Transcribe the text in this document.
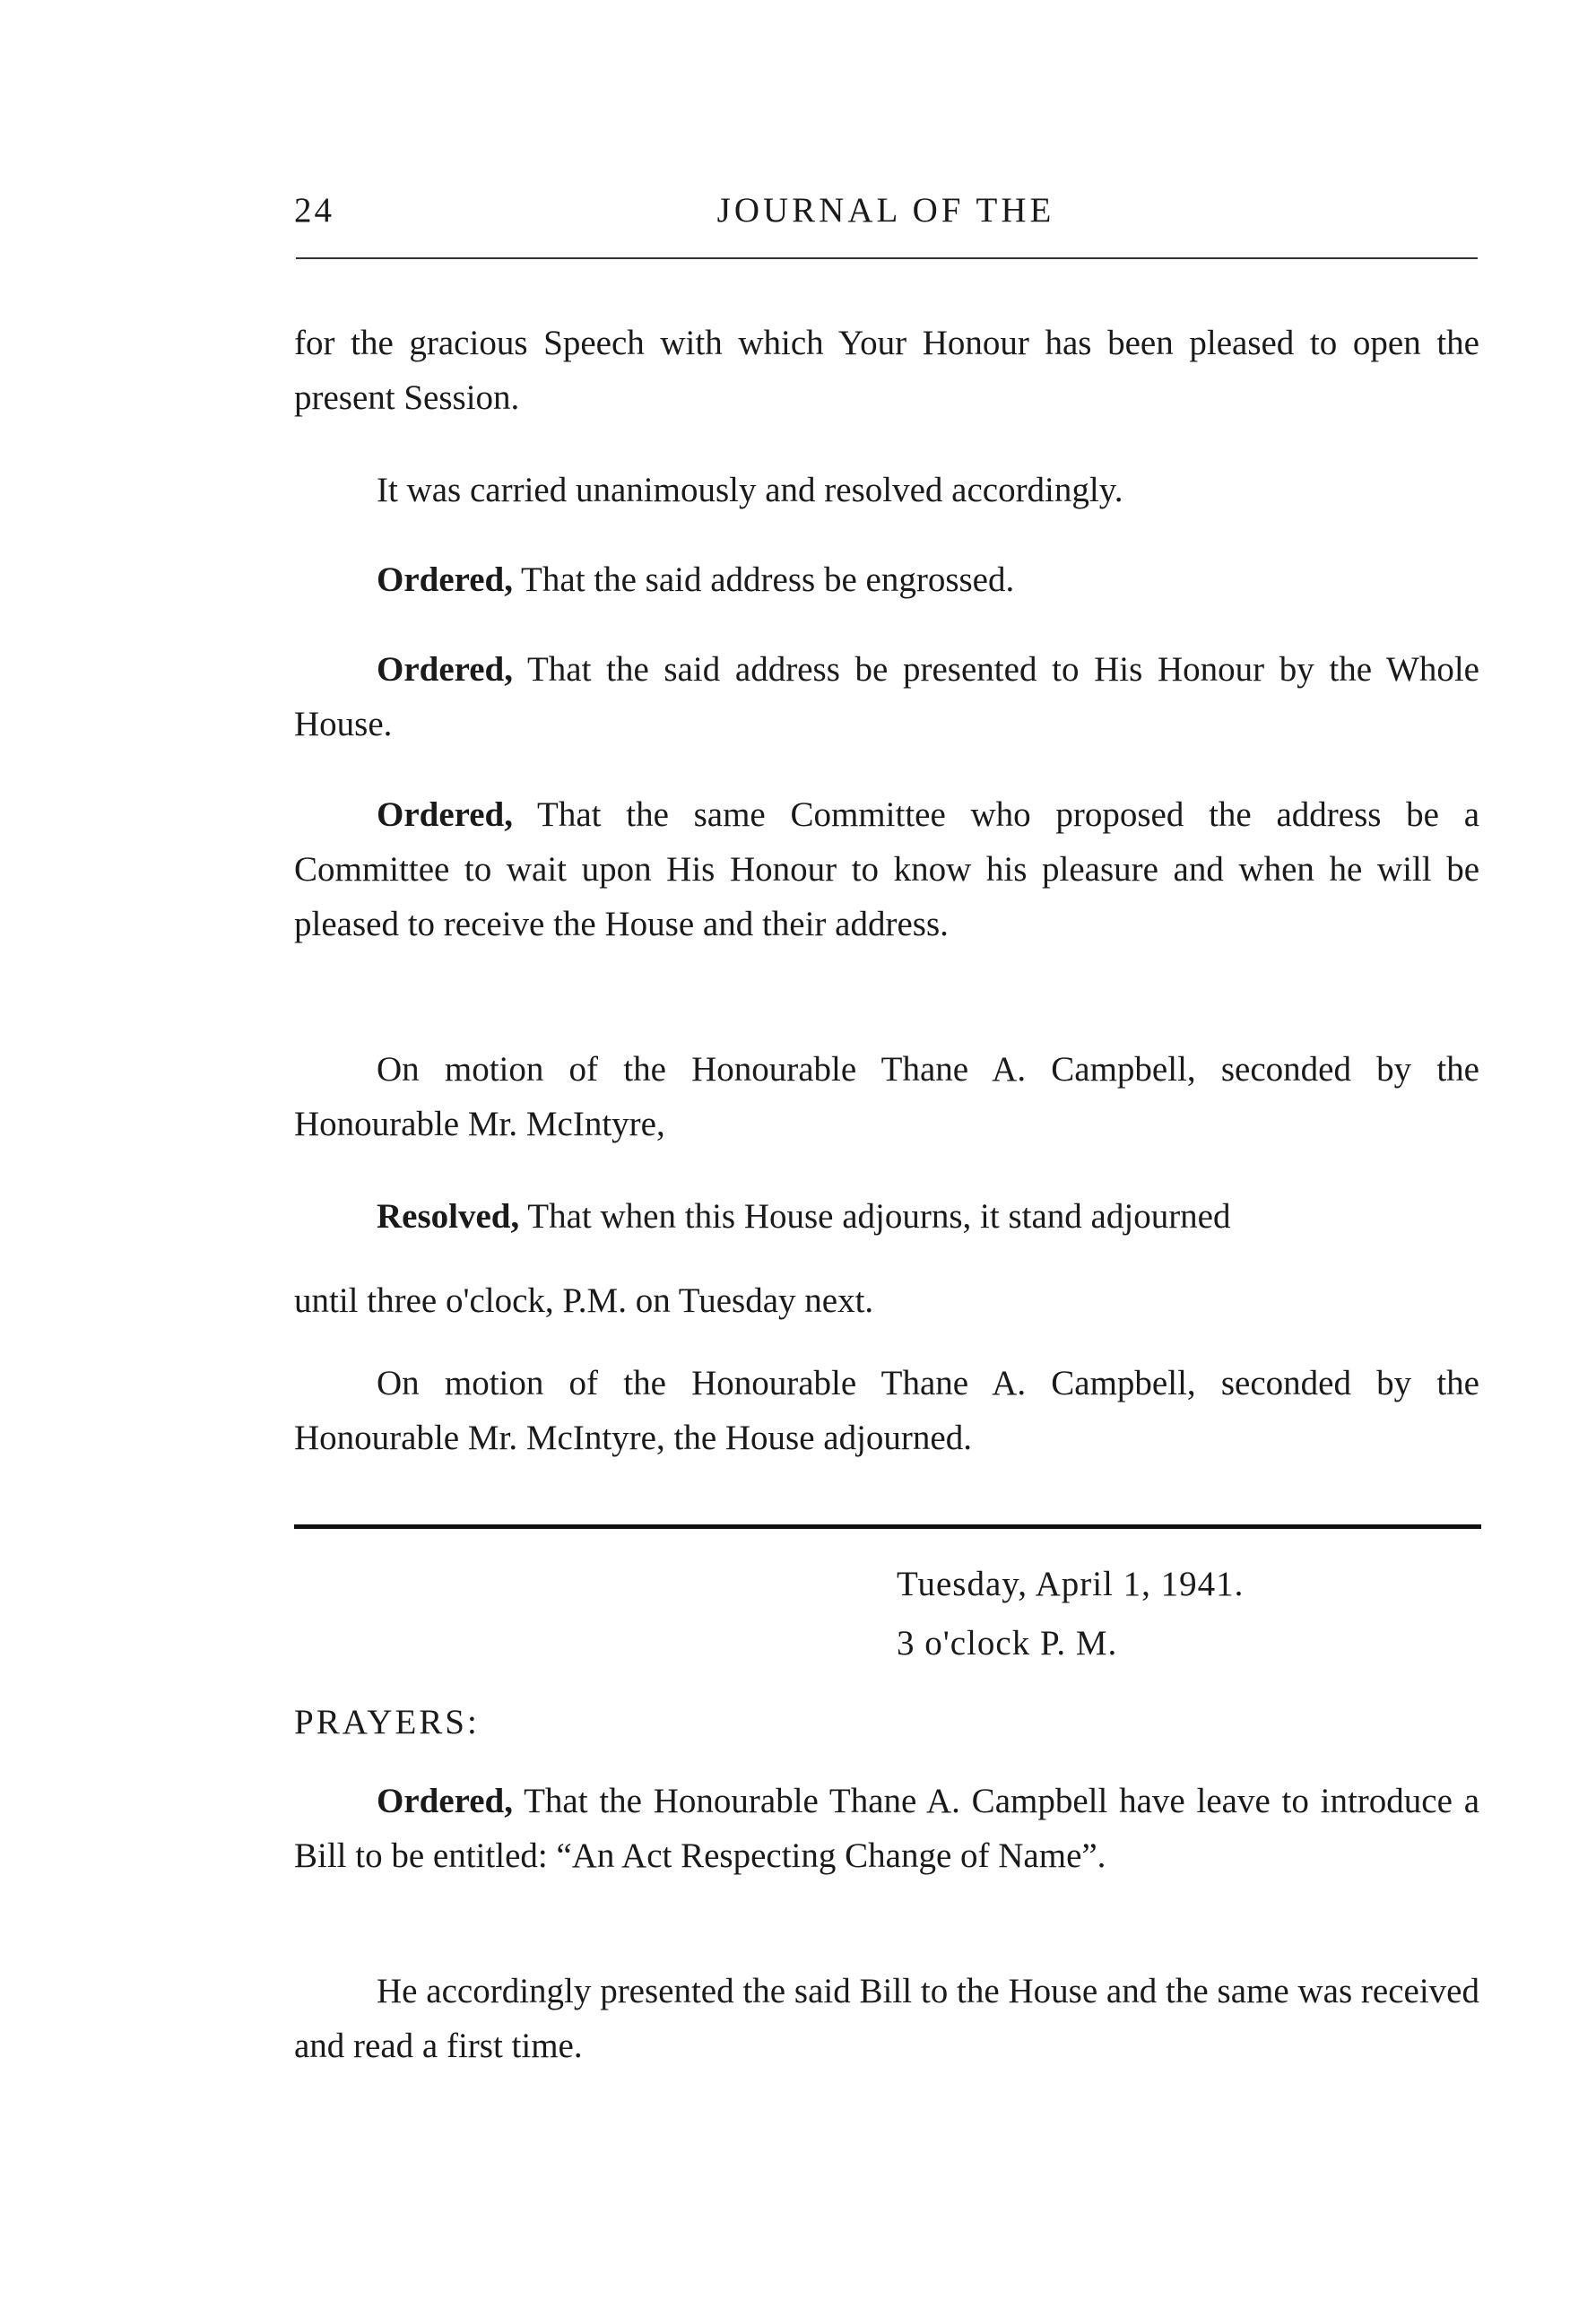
24	JOURNAL OF THE

for the gracious Speech with which Your Honour has been pleased to open the present Session.

It was carried unanimously and resolved accordingly.

Ordered, That the said address be engrossed.

Ordered, That the said address be presented to His Honour by the Whole House.

Ordered, That the same Committee who proposed the address be a Committee to wait upon His Honour to know his pleasure and when he will be pleased to receive the House and their address.

On motion of the Honourable Thane A. Campbell, seconded by the Honourable Mr. McIntyre,

Resolved, That when this House adjourns, it stand adjourned

until three o'clock, P.M. on Tuesday next.

On motion of the Honourable Thane A. Campbell, seconded by the Honourable Mr. McIntyre, the House adjourned.

Tuesday, April 1, 1941.
3 o'clock P. M.
PRAYERS:

Ordered, That the Honourable Thane A. Campbell have leave to introduce a Bill to be entitled: “An Act Respecting Change of Name”.

He accordingly presented the said Bill to the House and the same was received and read a first time.
